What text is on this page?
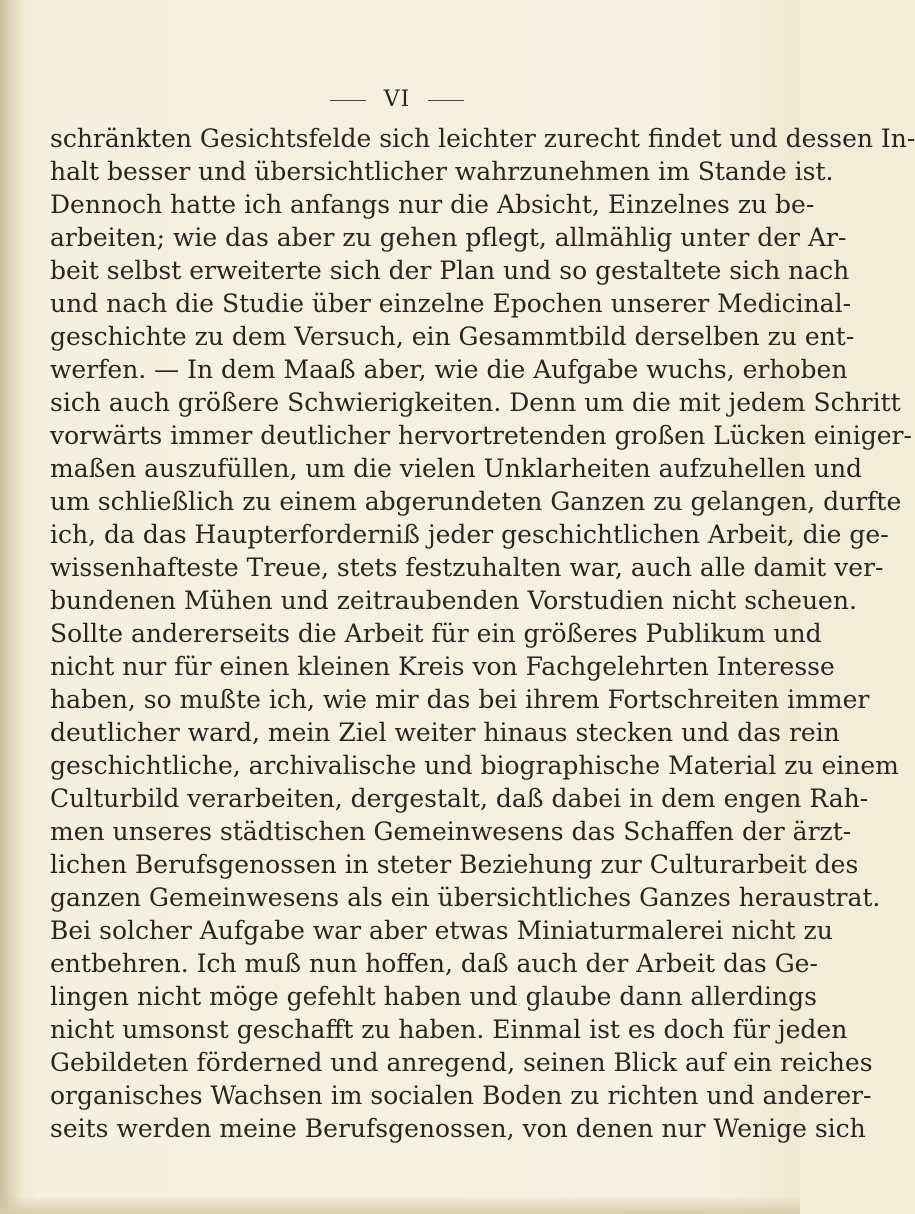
VI
schränkten Gesichtsfelde sich leichter zurecht findet und dessen In-
halt besser und übersichtlicher wahrzunehmen im Stande ist.
Dennoch hatte ich anfangs nur die Absicht, Einzelnes zu be-
arbeiten; wie das aber zu gehen pflegt, allmählig unter der Ar-
beit selbst erweiterte sich der Plan und so gestaltete sich nach
und nach die Studie über einzelne Epochen unserer Medicinal-
geschichte zu dem Versuch, ein Gesammtbild derselben zu ent-
werfen. — In dem Maaß aber, wie die Aufgabe wuchs, erhoben
sich auch größere Schwierigkeiten. Denn um die mit jedem Schritt
vorwärts immer deutlicher hervortretenden großen Lücken einiger-
maßen auszufüllen, um die vielen Unklarheiten aufzuhellen und
um schließlich zu einem abgerundeten Ganzen zu gelangen, durfte
ich, da das Haupterforderniß jeder geschichtlichen Arbeit, die ge-
wissenhafteste Treue, stets festzuhalten war, auch alle damit ver-
bundenen Mühen und zeitraubenden Vorstudien nicht scheuen.
Sollte andererseits die Arbeit für ein größeres Publikum und
nicht nur für einen kleinen Kreis von Fachgelehrten Interesse
haben, so mußte ich, wie mir das bei ihrem Fortschreiten immer
deutlicher ward, mein Ziel weiter hinaus stecken und das rein
geschichtliche, archivalische und biographische Material zu einem
Culturbild verarbeiten, dergestalt, daß dabei in dem engen Rah-
men unseres städtischen Gemeinwesens das Schaffen der ärzt-
lichen Berufsgenossen in steter Beziehung zur Culturarbeit des
ganzen Gemeinwesens als ein übersichtliches Ganzes heraustrat.
Bei solcher Aufgabe war aber etwas Miniaturmalerei nicht zu
entbehren. Ich muß nun hoffen, daß auch der Arbeit das Ge-
lingen nicht möge gefehlt haben und glaube dann allerdings
nicht umsonst geschafft zu haben. Einmal ist es doch für jeden
Gebildeten förderned und anregend, seinen Blick auf ein reiches
organisches Wachsen im socialen Boden zu richten und anderer-
seits werden meine Berufsgenossen, von denen nur Wenige sich
